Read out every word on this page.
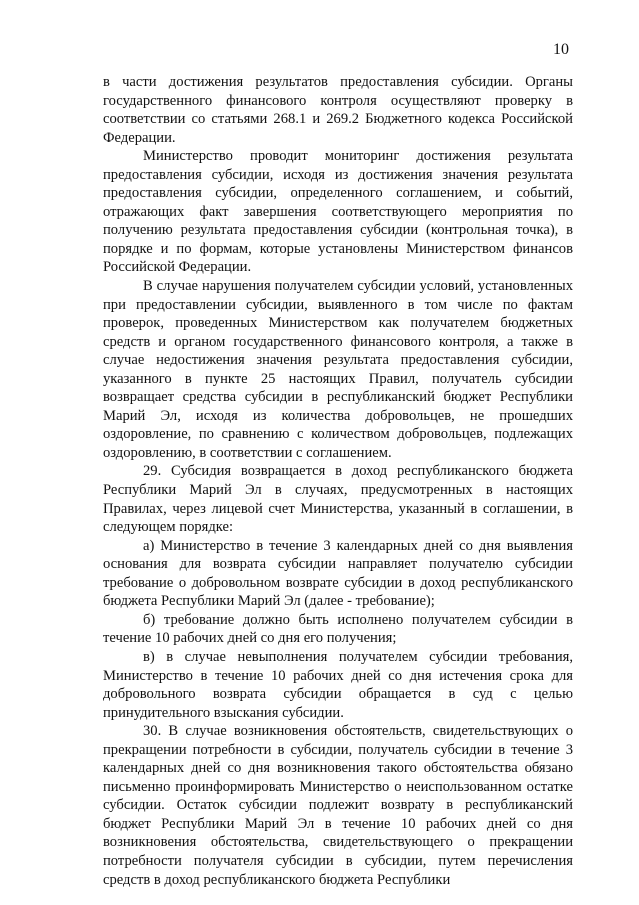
10

в части достижения результатов предоставления субсидии. Органы государственного финансового контроля осуществляют проверку в соответствии со статьями 268.1 и 269.2 Бюджетного кодекса Российской Федерации.

Министерство проводит мониторинг достижения результата предоставления субсидии, исходя из достижения значения результата предоставления субсидии, определенного соглашением, и событий, отражающих факт завершения соответствующего мероприятия по получению результата предоставления субсидии (контрольная точка), в порядке и по формам, которые установлены Министерством финансов Российской Федерации.

В случае нарушения получателем субсидии условий, установленных при предоставлении субсидии, выявленного в том числе по фактам проверок, проведенных Министерством как получателем бюджетных средств и органом государственного финансового контроля, а также в случае недостижения значения результата предоставления субсидии, указанного в пункте 25 настоящих Правил, получатель субсидии возвращает средства субсидии в республиканский бюджет Республики Марий Эл, исходя из количества добровольцев, не прошедших оздоровление, по сравнению с количеством добровольцев, подлежащих оздоровлению, в соответствии с соглашением.

29. Субсидия возвращается в доход республиканского бюджета Республики Марий Эл в случаях, предусмотренных в настоящих Правилах, через лицевой счет Министерства, указанный в соглашении, в следующем порядке:

а) Министерство в течение 3 календарных дней со дня выявления основания для возврата субсидии направляет получателю субсидии требование о добровольном возврате субсидии в доход республиканского бюджета Республики Марий Эл (далее - требование);

б) требование должно быть исполнено получателем субсидии в течение 10 рабочих дней со дня его получения;

в) в случае невыполнения получателем субсидии требования, Министерство в течение 10 рабочих дней со дня истечения срока для добровольного возврата субсидии обращается в суд с целью принудительного взыскания субсидии.

30. В случае возникновения обстоятельств, свидетельствующих о прекращении потребности в субсидии, получатель субсидии в течение 3 календарных дней со дня возникновения такого обстоятельства обязано письменно проинформировать Министерство о неиспользованном остатке субсидии. Остаток субсидии подлежит возврату в республиканский бюджет Республики Марий Эл в течение 10 рабочих дней со дня возникновения обстоятельства, свидетельствующего о прекращении потребности получателя субсидии в субсидии, путем перечисления средств в доход республиканского бюджета Республики
